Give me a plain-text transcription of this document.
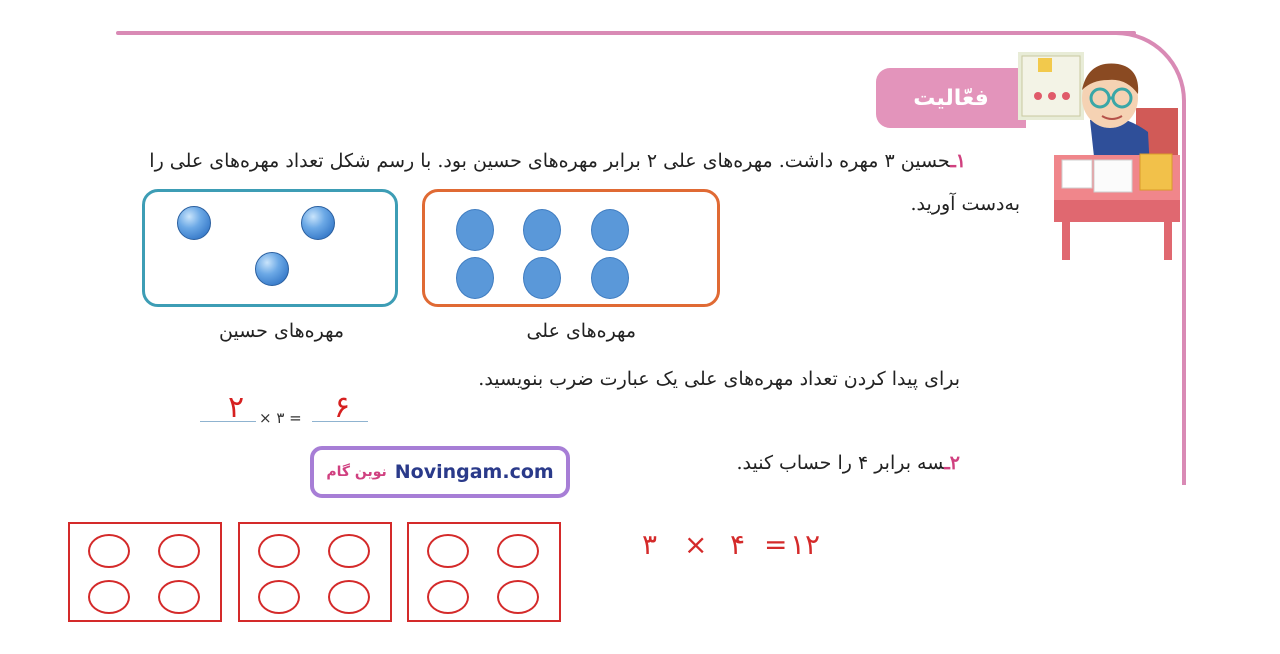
فعّالیت
۱ـحسین ۳ مهره داشت. مهره‌های علی ۲ برابر مهره‌های حسین بود. با رسم شکل تعداد مهره‌های علی را
به‌دست آورید.
مهره‌های حسین	مهره‌های علی
برای پیدا کردن تعداد مهره‌های علی یک عبارت ضرب بنویسید.
۲ × ۳ = ۶
نوین گام Novingam.com	۲ـسه برابر ۴ را حساب کنید.
۳ × ۴ = ۱۲
